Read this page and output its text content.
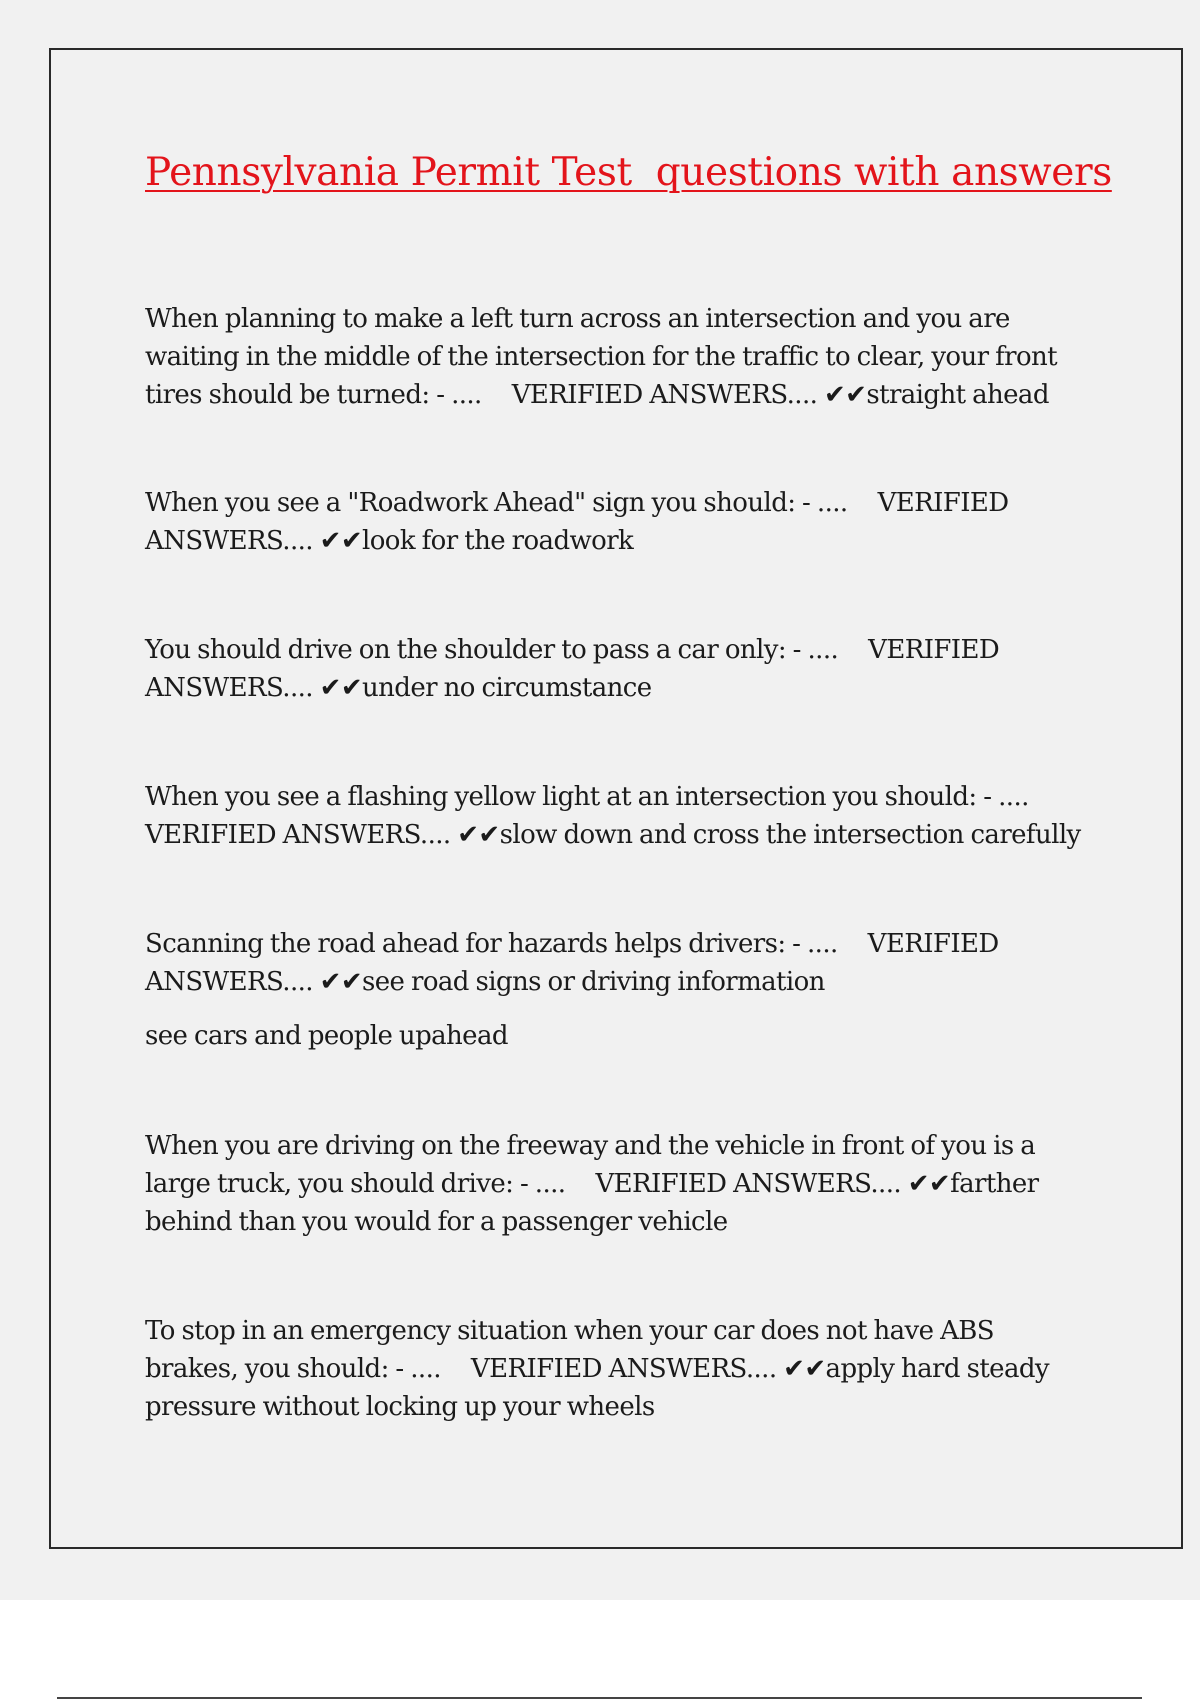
Pennsylvania Permit Test  questions with answers

When planning to make a left turn across an intersection and you are waiting in the middle of the intersection for the traffic to clear, your front tires should be turned: - .... VERIFIED ANSWERS.... ✔✔straight ahead

When you see a "Roadwork Ahead" sign you should: - .... VERIFIED ANSWERS.... ✔✔look for the roadwork

You should drive on the shoulder to pass a car only: - .... VERIFIED ANSWERS.... ✔✔under no circumstance

When you see a flashing yellow light at an intersection you should: - ....VERIFIED ANSWERS.... ✔✔slow down and cross the intersection carefully

Scanning the road ahead for hazards helps drivers: - .... VERIFIED ANSWERS.... ✔✔see road signs or driving information
see cars and people upahead

When you are driving on the freeway and the vehicle in front of you is a large truck, you should drive: - .... VERIFIED ANSWERS.... ✔✔farther behind than you would for a passenger vehicle

To stop in an emergency situation when your car does not have ABS brakes, you should: - .... VERIFIED ANSWERS.... ✔✔apply hard steady pressure without locking up your wheels
